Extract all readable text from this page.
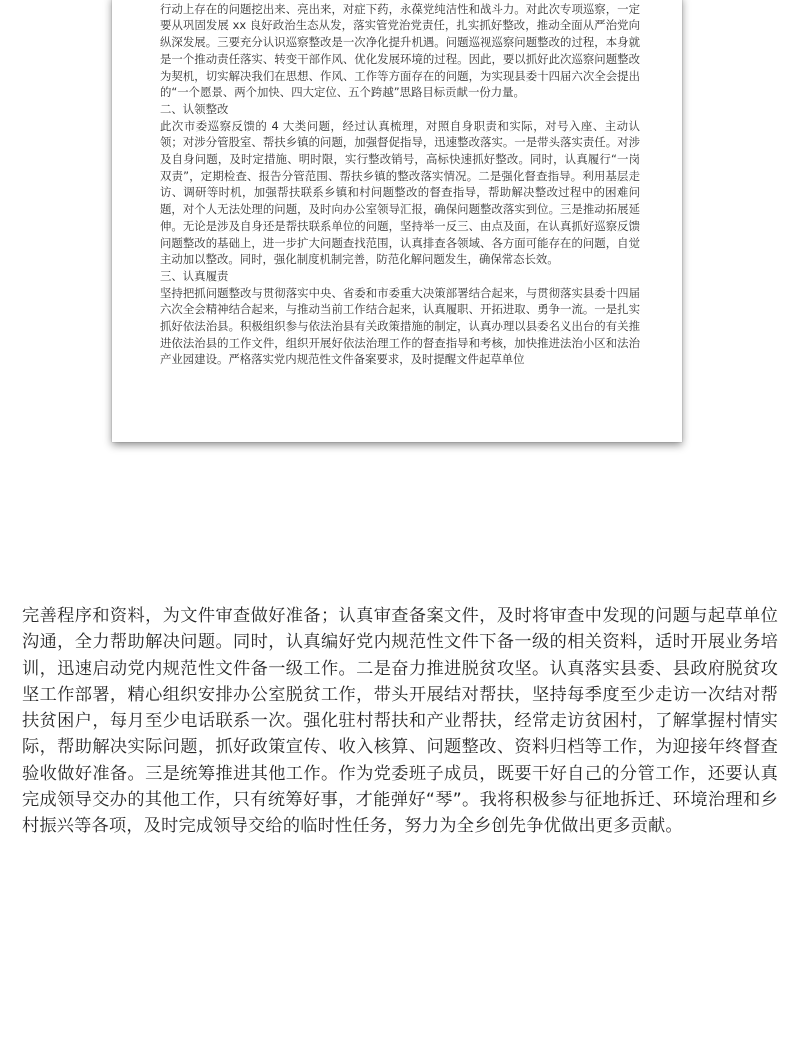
行动上存在的问题挖出来、亮出来，对症下药，永葆党纯洁性和战斗力。对此次专项巡察，一定要从巩固发展 xx 良好政治生态从发，落实管党治党责任，扎实抓好整改，推动全面从严治党向纵深发展。三要充分认识巡察整改是一次净化提升机遇。问题巡视巡察问题整改的过程，本身就是一个推动责任落实、转变干部作风、优化发展环境的过程。因此，要以抓好此次巡察问题整改为契机，切实解决我们在思想、作风、工作等方面存在的问题，为实现县委十四届六次全会提出的“一个愿景、两个加快、四大定位、五个跨越”思路目标贡献一份力量。

二、认领整改

此次市委巡察反馈的 4 大类问题，经过认真梳理，对照自身职责和实际，对号入座、主动认领；对涉分管股室、帮扶乡镇的问题，加强督促指导，迅速整改落实。一是带头落实责任。对涉及自身问题，及时定措施、明时限，实行整改销号，高标快速抓好整改。同时，认真履行“一岗双责”，定期检查、报告分管范围、帮扶乡镇的整改落实情况。二是强化督查指导。利用基层走访、调研等时机，加强帮扶联系乡镇和村问题整改的督查指导，帮助解决整改过程中的困难问题，对个人无法处理的问题，及时向办公室领导汇报，确保问题整改落实到位。三是推动拓展延伸。无论是涉及自身还是帮扶联系单位的问题，坚持举一反三、由点及面，在认真抓好巡察反馈问题整改的基础上，进一步扩大问题查找范围，认真排查各领域、各方面可能存在的问题，自觉主动加以整改。同时，强化制度机制完善，防范化解问题发生，确保常态长效。

三、认真履责

坚持把抓问题整改与贯彻落实中央、省委和市委重大决策部署结合起来，与贯彻落实县委十四届六次全会精神结合起来，与推动当前工作结合起来，认真履职、开拓进取、勇争一流。一是扎实抓好依法治县。积极组织参与依法治县有关政策措施的制定，认真办理以县委名义出台的有关推进依法治县的工作文件，组织开展好依法治理工作的督查指导和考核，加快推进法治小区和法治产业园建设。严格落实党内规范性文件备案要求，及时提醒文件起草单位

完善程序和资料，为文件审查做好准备；认真审查备案文件，及时将审查中发现的问题与起草单位沟通，全力帮助解决问题。同时，认真编好党内规范性文件下备一级的相关资料，适时开展业务培训，迅速启动党内规范性文件备一级工作。二是奋力推进脱贫攻坚。认真落实县委、县政府脱贫攻坚工作部署，精心组织安排办公室脱贫工作，带头开展结对帮扶，坚持每季度至少走访一次结对帮扶贫困户，每月至少电话联系一次。强化驻村帮扶和产业帮扶，经常走访贫困村，了解掌握村情实际，帮助解决实际问题，抓好政策宣传、收入核算、问题整改、资料归档等工作，为迎接年终督查验收做好准备。三是统筹推进其他工作。作为党委班子成员，既要干好自己的分管工作，还要认真完成领导交办的其他工作，只有统筹好事，才能弹好“琴”。我将积极参与征地拆迁、环境治理和乡村振兴等各项，及时完成领导交给的临时性任务，努力为全乡创先争优做出更多贡献。
